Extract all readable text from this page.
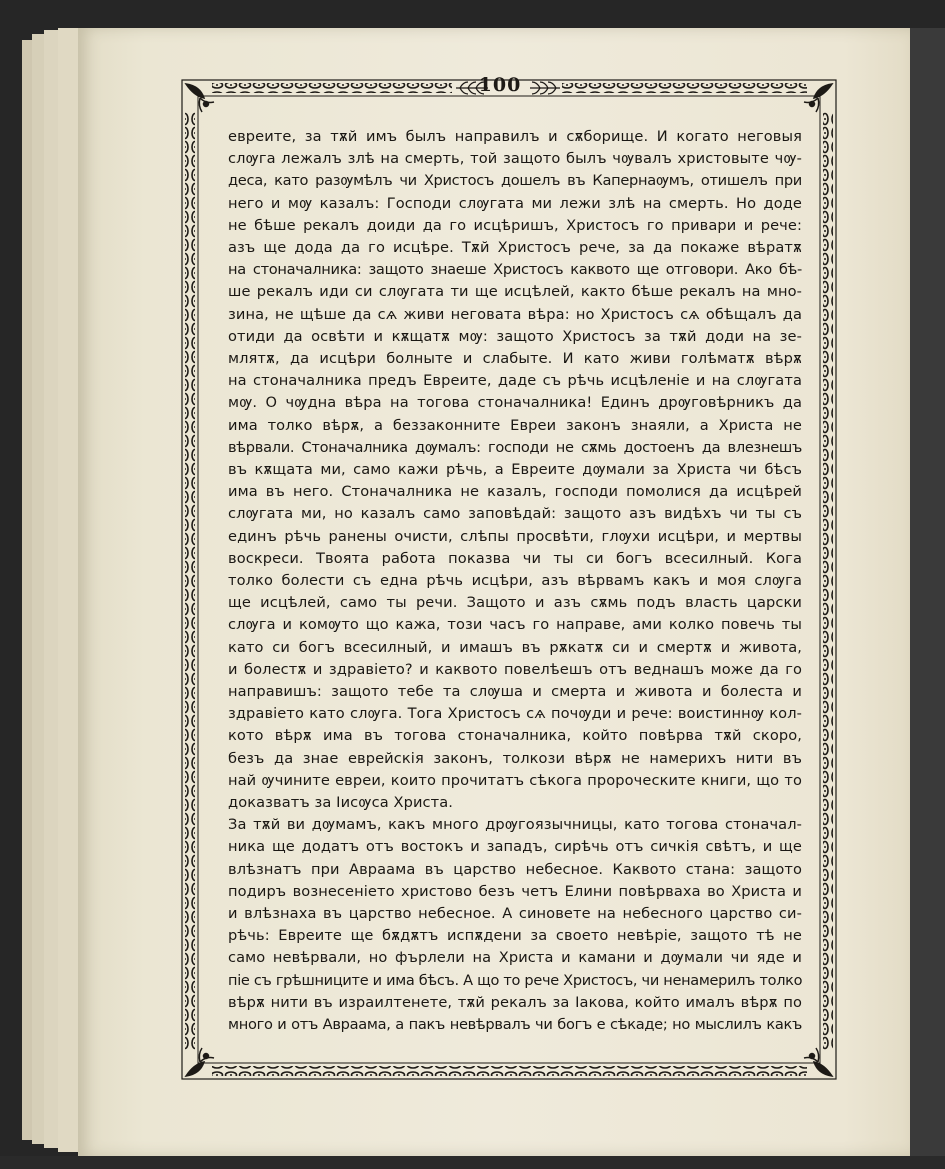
100
евреите, за тѫй имъ былъ направилъ и сѫборище. И когато неговыя
слѹга лежалъ злѣ на смерть, той защото былъ чѹвалъ христовыте чѹ-
деса, като разѹмѣлъ чи Христосъ дошелъ въ Капернаѹмъ, отишелъ при
него и мѹ казалъ: Господи слѹгата ми лежи злѣ на смерть. Но доде
не бѣше рекалъ доиди да го исцѣришъ, Христосъ го привари и рече:
азъ ще дода да го исцѣре. Тѫй Христосъ рече, за да покаже вѣратѫ
на стоначалника: защото знаеше Христосъ каквото ще отговори. Ако бѣ-
ше рекалъ иди си слѹгата ти ще исцѣлей, както бѣше рекалъ на мно-
зина, не щѣше да сѧ живи неговата вѣра: но Христосъ сѧ обѣщалъ да
отиди да освѣти и кѫщатѫ мѹ: защото Христосъ за тѫй доди на зе-
млятѫ, да исцѣри болныте и слабыте. И като живи голѣматѫ вѣрѫ
на стоначалника предъ Евреите, даде съ рѣчь исцѣленіе и на слѹгата
мѹ. О чѹдна вѣра на тогова стоначалника! Единъ дрѹговѣрникъ да
има толко вѣрѫ, а беззаконните Евреи законъ знаяли, а Христа не
вѣрвали. Стоначалника дѹмалъ: господи не сѫмь достоенъ да влезнешъ
въ кѫщата ми, само кажи рѣчь, а Евреите дѹмали за Христа чи бѣсъ
има въ него. Стоначалника не казалъ, господи помолися да исцѣрей
слѹгата ми, но казалъ само заповѣдай: защото азъ видѣхъ чи ты съ
единъ рѣчь ранены очисти, слѣпы просвѣти, глѹхи исцѣри, и мертвы
воскреси. Твоята работа показва чи ты си богъ всесилный. Кога
толко болести съ една рѣчь исцѣри, азъ вѣрвамъ какъ и моя слѹга
ще исцѣлей, само ты речи. Защото и азъ сѫмь подъ власть царски
слѹга и комѹто що кажа, този часъ го направе, ами колко повечь ты
като си богъ всесилный, и имашъ въ рѫкатѫ си и смертѫ и живота,
и болестѫ и здравіето? и каквото повелѣешъ отъ веднашъ може да го
направишъ: защото тебе та слѹша и смерта и живота и болеста и
здравіето като слѹга. Тога Христосъ сѧ почѹди и рече: воистиннѹ кол-
кото вѣрѫ има въ тогова стоначалника, който повѣрва тѫй скоро,
безъ да знае еврейскія законъ, толкози вѣрѫ не намерихъ нити въ
най ѹчините евреи, които прочитатъ сѣкога пророческите книги, що то
доказватъ за Іисѹса Христа.
За тѫй ви дѹмамъ, какъ много дрѹгоязычницы, като тогова стоначал-
ника ще додатъ отъ востокъ и западъ, сирѣчь отъ сичкія свѣтъ, и ще
влѣзнатъ при Авраама въ царство небесное. Каквото стана: защото
подиръ вознесеніето христово безъ четъ Елини повѣрваха во Христа и
и влѣзнаха въ царство небесное. А синовете на небесного царство си-
рѣчь: Евреите ще бѫдѫтъ испѫдени за своето невѣріе, защото тѣ не
само невѣрвали, но фърлели на Христа и камани и дѹмали чи яде и
піе съ грѣшниците и има бѣсъ. А що то рече Христосъ, чи ненамерилъ толко
вѣрѫ нити въ израилтенете, тѫй рекалъ за Іакова, който ималъ вѣрѫ по
много и отъ Авраама, а пакъ невѣрвалъ чи богъ е сѣкаде; но мыслилъ какъ
